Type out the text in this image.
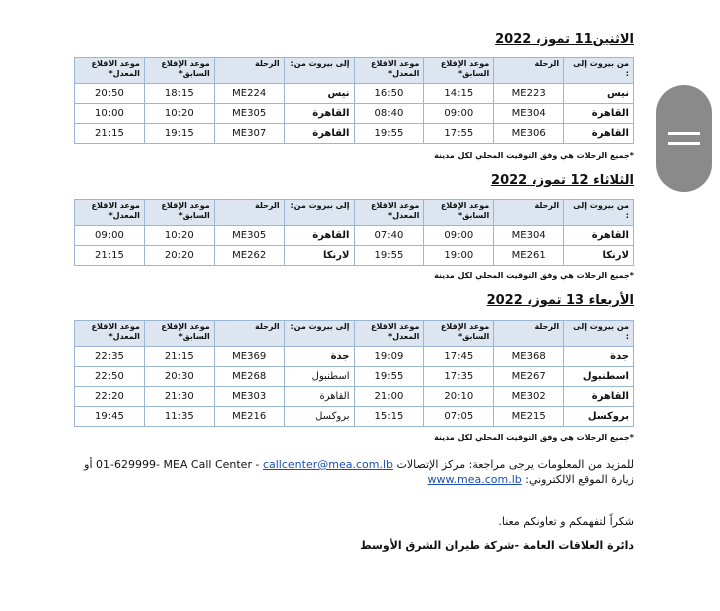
الاثنين11 تموز، 2022
من بيروت إلى :	الرحلة	موعد الإقلاع السابق*	موعد الاقلاع المعدل*	إلى بيروت من:	الرحلة	موعد الإقلاع السابق*	موعد الاقلاع المعدل*
نيس	ME223	14:15	16:50	نيس	ME224	18:15	20:50
القاهرة	ME304	09:00	08:40	القاهرة	ME305	10:20	10:00
القاهرة	ME306	17:55	19:55	القاهرة	ME307	19:15	21:15
*جميع الرحلات هي وفق التوقيت المحلي لكل مدينة
الثلاثاء 12 تموز، 2022
من بيروت إلى :	الرحلة	موعد الإقلاع السابق*	موعد الاقلاع المعدل*	إلى بيروت من:	الرحلة	موعد الإقلاع السابق*	موعد الاقلاع المعدل*
القاهرة	ME304	09:00	07:40	القاهرة	ME305	10:20	09:00
لارنكا	ME261	19:00	19:55	لارنكا	ME262	20:20	21:15
*جميع الرحلات هي وفق التوقيت المحلي لكل مدينة
الأربعاء 13 تموز، 2022
من بيروت إلى :	الرحلة	موعد الإقلاع السابق*	موعد الاقلاع المعدل*	إلى بيروت من:	الرحلة	موعد الإقلاع السابق*	موعد الاقلاع المعدل*
جدة	ME368	17:45	19:09	جدة	ME369	21:15	22:35
اسطنبول	ME267	17:35	19:55	اسطنبول	ME268	20:30	22:50
القاهرة	ME302	20:10	21:00	القاهرة	ME303	21:30	22:20
بروكسل	ME215	07:05	15:15	بروكسل	ME216	11:35	19:45
*جميع الرحلات هي وفق التوقيت المحلي لكل مدينة
للمزيد من المعلومات يرجى مراجعة: مركز الإتصالات 01-629999- MEA Call Center - callcenter@mea.com.lb أو
زيارة الموقع الالكتروني: www.mea.com.lb
شكراً لتفهمكم و تعاونكم معنا.
دائرة العلاقات العامة -شركة طيران الشرق الأوسط
